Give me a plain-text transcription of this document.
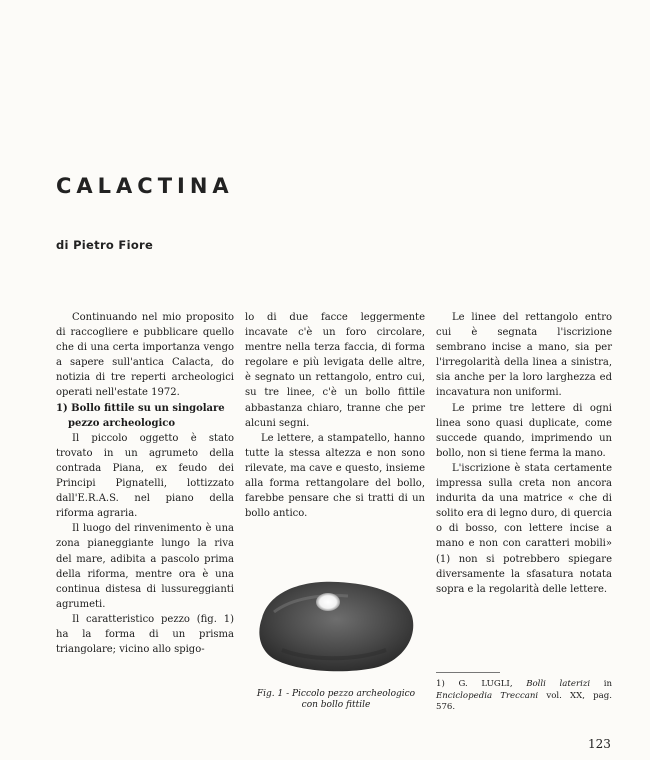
CALACTINA
di Pietro Fiore

Continuando nel mio proposito di raccogliere e pubblicare quello che di una certa importanza vengo a sapere sull'antica Calacta, do notizia di tre reperti archeologici operati nell'estate 1972.

1) Bollo fittile su un singolare pezzo archeologico

Il piccolo oggetto è stato trovato in un agrumeto della contrada Piana, ex feudo dei Principi Pignatelli, lottizzato dall'E.R.A.S. nel piano della riforma agraria.

Il luogo del rinvenimento è una zona pianeggiante lungo la riva del mare, adibita a pascolo prima della riforma, mentre ora è una continua distesa di lussureggianti agrumeti.

Il caratteristico pezzo (fig. 1) ha la forma di un prisma triangolare; vicino allo spigo-

lo di due facce leggermente incavate c'è un foro circolare, mentre nella terza faccia, di forma regolare e più levigata delle altre, è segnato un rettangolo, entro cui, su tre linee, c'è un bollo fittile abbastanza chiaro, tranne che per alcuni segni.

Le lettere, a stampatello, hanno tutte la stessa altezza e non sono rilevate, ma cave e questo, insieme alla forma rettangolare del bollo, farebbe pensare che si tratti di un bollo antico.

Fig. 1 - Piccolo pezzo archeologico
con bollo fittile

Le linee del rettangolo entro cui è segnata l'iscrizione sembrano incise a mano, sia per l'irregolarità della linea a sinistra, sia anche per la loro larghezza ed incavatura non uniformi.

Le prime tre lettere di ogni linea sono quasi duplicate, come succede quando, imprimendo un bollo, non si tiene ferma la mano.

L'iscrizione è stata certamente impressa sulla creta non ancora indurita da una matrice « che di solito era di legno duro, di quercia o di bosso, con lettere incise a mano e non con caratteri mobili» (1) non si potrebbero spiegare diversamente la sfasatura notata sopra e la regolarità delle lettere.

1) G. LUGLI, Bolli laterizi in Enciclopedia Treccani vol. XX, pag. 576.
123
